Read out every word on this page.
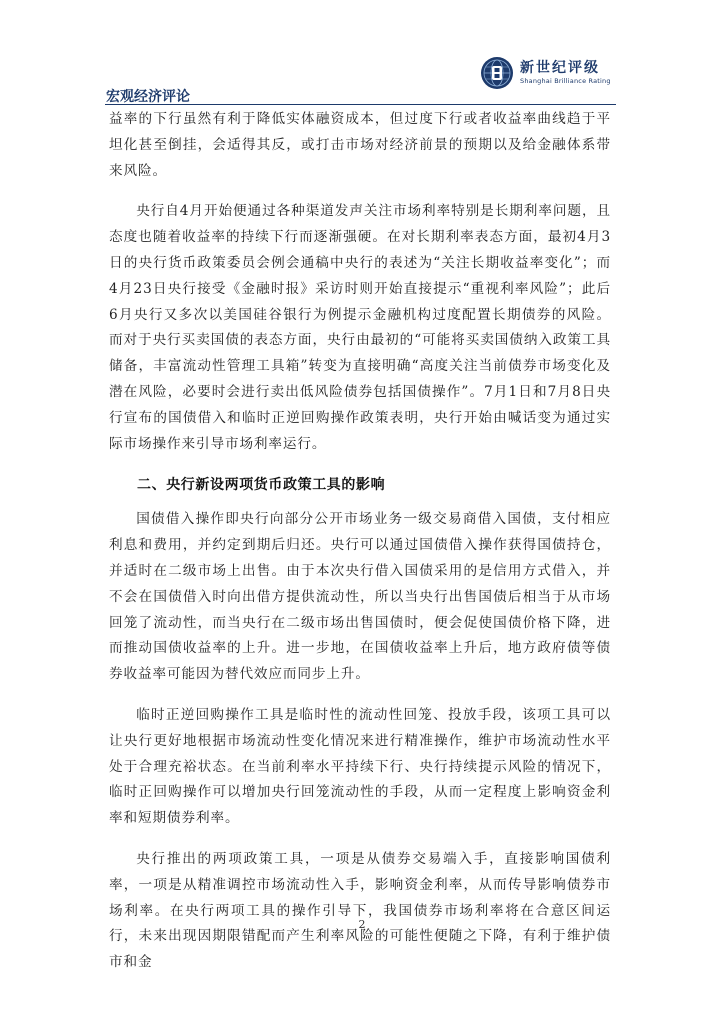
新世纪评级
Shanghai Brilliance Rating
宏观经济评论

益率的下行虽然有利于降低实体融资成本，但过度下行或者收益率曲线趋于平坦化甚至倒挂，会适得其反，或打击市场对经济前景的预期以及给金融体系带来风险。

央行自4月开始便通过各种渠道发声关注市场利率特别是长期利率问题，且态度也随着收益率的持续下行而逐渐强硬。在对长期利率表态方面，最初4月3日的央行货币政策委员会例会通稿中央行的表述为“关注长期收益率变化”；而4月23日央行接受《金融时报》采访时则开始直接提示“重视利率风险”；此后6月央行又多次以美国硅谷银行为例提示金融机构过度配置长期债券的风险。而对于央行买卖国债的表态方面，央行由最初的“可能将买卖国债纳入政策工具储备，丰富流动性管理工具箱”转变为直接明确“高度关注当前债券市场变化及潜在风险，必要时会进行卖出低风险债券包括国债操作”。7月1日和7月8日央行宣布的国债借入和临时正逆回购操作政策表明，央行开始由喊话变为通过实际市场操作来引导市场利率运行。

二、央行新设两项货币政策工具的影响

国债借入操作即央行向部分公开市场业务一级交易商借入国债，支付相应利息和费用，并约定到期后归还。央行可以通过国债借入操作获得国债持仓，并适时在二级市场上出售。由于本次央行借入国债采用的是信用方式借入，并不会在国债借入时向出借方提供流动性，所以当央行出售国债后相当于从市场回笼了流动性，而当央行在二级市场出售国债时，便会促使国债价格下降，进而推动国债收益率的上升。进一步地，在国债收益率上升后，地方政府债等债券收益率可能因为替代效应而同步上升。

临时正逆回购操作工具是临时性的流动性回笼、投放手段，该项工具可以让央行更好地根据市场流动性变化情况来进行精准操作，维护市场流动性水平处于合理充裕状态。在当前利率水平持续下行、央行持续提示风险的情况下，临时正回购操作可以增加央行回笼流动性的手段，从而一定程度上影响资金利率和短期债券利率。

央行推出的两项政策工具，一项是从债券交易端入手，直接影响国债利率，一项是从精准调控市场流动性入手，影响资金利率，从而传导影响债券市场利率。在央行两项工具的操作引导下，我国债券市场利率将在合意区间运行，未来出现因期限错配而产生利率风险的可能性便随之下降，有利于维护债市和金

2
